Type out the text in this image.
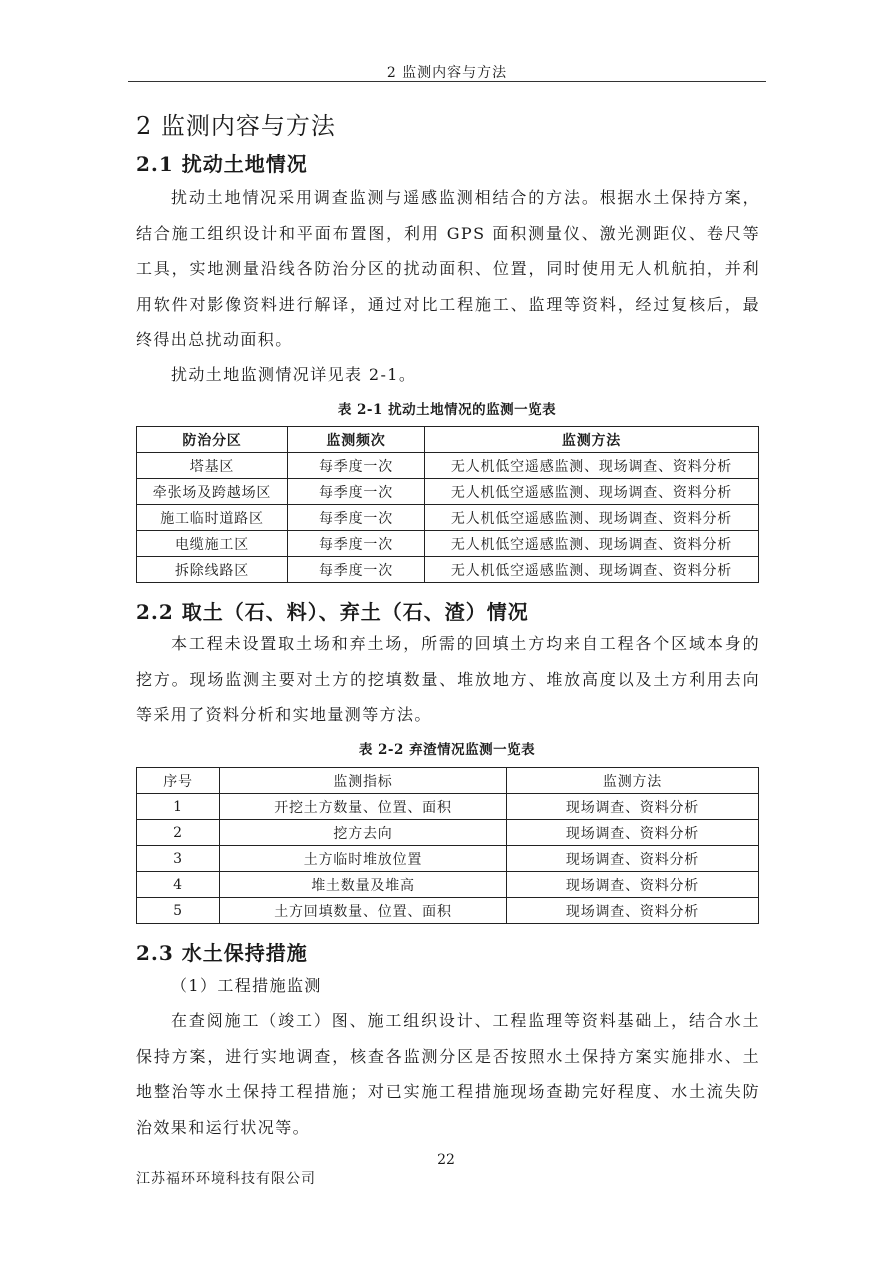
2 监测内容与方法
2 监测内容与方法
2.1 扰动土地情况

扰动土地情况采用调查监测与遥感监测相结合的方法。根据水土保持方案，结合施工组织设计和平面布置图，利用 GPS 面积测量仪、激光测距仪、卷尺等工具，实地测量沿线各防治分区的扰动面积、位置，同时使用无人机航拍，并利用软件对影像资料进行解译，通过对比工程施工、监理等资料，经过复核后，最终得出总扰动面积。

扰动土地监测情况详见表 2-1。

表 2-1 扰动土地情况的监测一览表
防治分区	监测频次	监测方法
塔基区	每季度一次	无人机低空遥感监测、现场调查、资料分析
牵张场及跨越场区	每季度一次	无人机低空遥感监测、现场调查、资料分析
施工临时道路区	每季度一次	无人机低空遥感监测、现场调查、资料分析
电缆施工区	每季度一次	无人机低空遥感监测、现场调查、资料分析
拆除线路区	每季度一次	无人机低空遥感监测、现场调查、资料分析
2.2 取土（石、料）、弃土（石、渣）情况

本工程未设置取土场和弃土场，所需的回填土方均来自工程各个区域本身的挖方。现场监测主要对土方的挖填数量、堆放地方、堆放高度以及土方利用去向等采用了资料分析和实地量测等方法。

表 2-2 弃渣情况监测一览表
序号	监测指标	监测方法
1	开挖土方数量、位置、面积	现场调查、资料分析
2	挖方去向	现场调查、资料分析
3	土方临时堆放位置	现场调查、资料分析
4	堆土数量及堆高	现场调查、资料分析
5	土方回填数量、位置、面积	现场调查、资料分析
2.3 水土保持措施

（1）工程措施监测

在查阅施工（竣工）图、施工组织设计、工程监理等资料基础上，结合水土保持方案，进行实地调查，核查各监测分区是否按照水土保持方案实施排水、土地整治等水土保持工程措施；对已实施工程措施现场查勘完好程度、水土流失防治效果和运行状况等。

22
江苏福环环境科技有限公司
